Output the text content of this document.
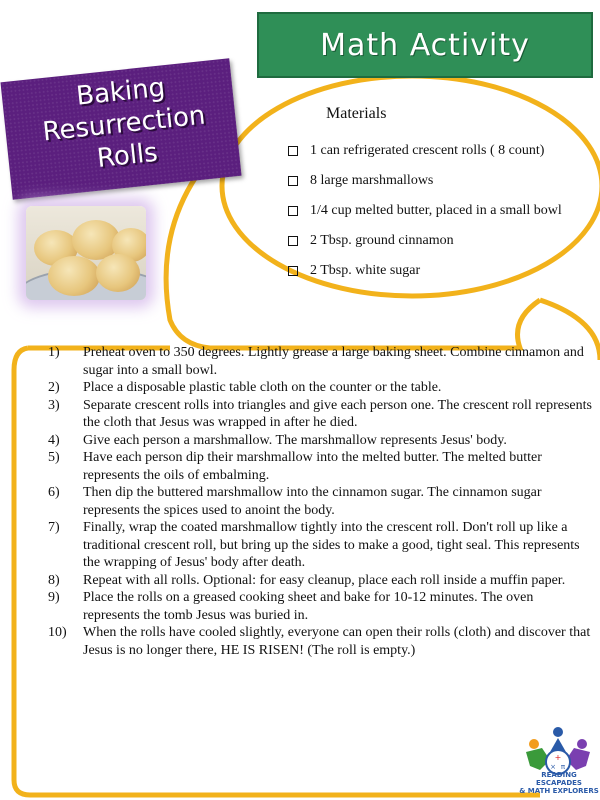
Math Activity
Baking
Resurrection
Rolls
Materials
1 can refrigerated crescent rolls ( 8 count)
8 large marshmallows
1/4 cup melted butter, placed in a small bowl
2 Tbsp. ground cinnamon
2 Tbsp. white sugar
1)	Preheat oven to 350 degrees. Lightly grease a large baking sheet. Combine cinnamon and sugar into a small bowl.
2)	Place a disposable plastic table cloth on the counter or the table.
3)	Separate crescent rolls into triangles and give each person one. The crescent roll represents the cloth that Jesus was wrapped in after he died.
4)	Give each person a marshmallow. The marshmallow represents Jesus' body.
5)	Have each person dip their marshmallow into the melted butter. The melted butter represents the oils of embalming.
6)	Then dip the buttered marshmallow into the cinnamon sugar. The cinnamon sugar represents the spices used to anoint the body.
7)	Finally, wrap the coated marshmallow tightly into the crescent roll. Don't roll up like a traditional crescent roll, but bring up the sides to make a good, tight seal. This represents the wrapping of Jesus' body after death.
8)	Repeat with all rolls. Optional: for easy cleanup, place each roll inside a muffin paper.
9)	Place the rolls on a greased cooking sheet and bake for 10-12 minutes. The oven represents the tomb Jesus was buried in.
10)	When the rolls have cooled slightly, everyone can open their rolls (cloth) and discover that Jesus is no longer there, HE IS RISEN! (The roll is empty.)
+
× π
READING ESCAPADES
& MATH EXPLORERS
